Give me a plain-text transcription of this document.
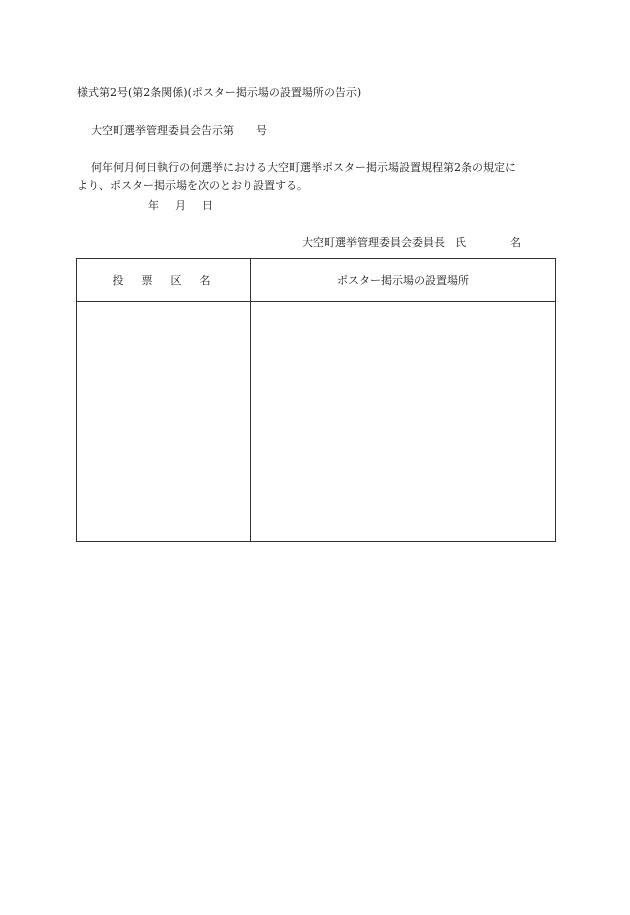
様式第2号(第2条関係)(ポスター掲示場の設置場所の告示)
大空町選挙管理委員会告示第 号
何年何月何日執行の何選挙における大空町選挙ポスター掲示場設置規程第2条の規定に
より、ポスター掲示場を次のとおり設置する。
年 月 日
大空町選挙管理委員会委員長 氏	名
投票区名	ポスター掲示場の設置場所
